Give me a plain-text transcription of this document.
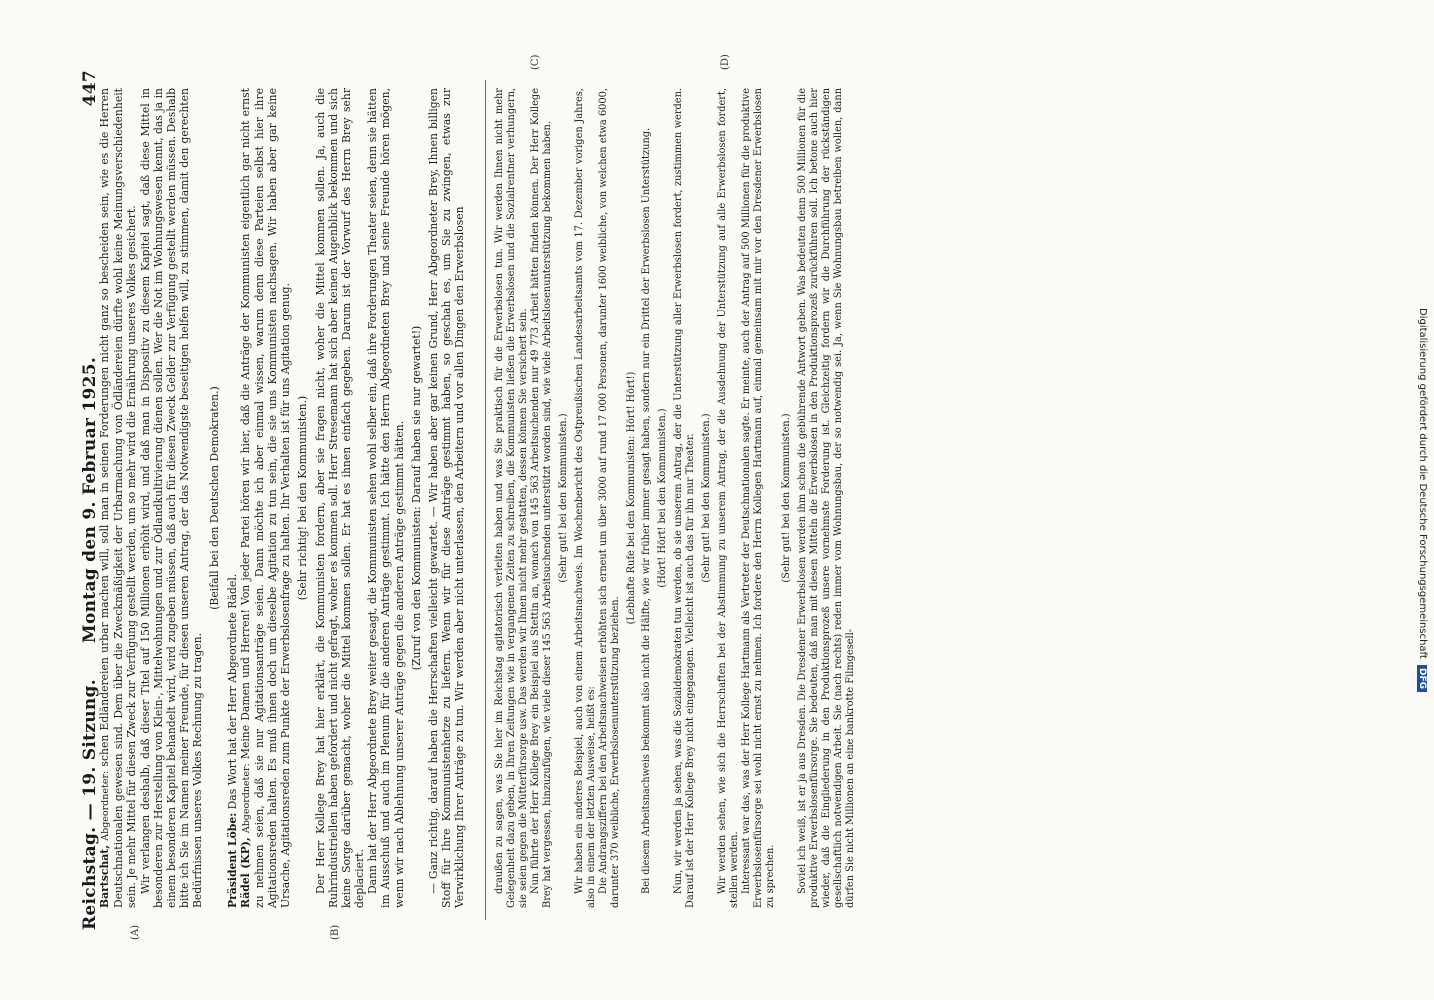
Reichstag. — 19. Sitzung.
Montag den 9. Februar 1925.
447
(A)	(B)
(C)	(D)

Bartschat, Abgeordneter: schen Edländereien urbar machen will, soll man in seinen Forderungen nicht ganz so bescheiden sein, wie es die Herren Deutschnationalen gewesen sind. Dem über die Zweckmäßigkeit der Urbarmachung von Ödländereien dürfte wohl keine Meinungsverschiedenheit sein. Je mehr Mittel für diesen Zweck zur Verfügung gestellt werden, um so mehr wird die Ernährung unseres Volkes gesichert. Wir verlangen deshalb, daß dieser Titel auf 150 Millionen erhöht wird, und daß man in Dispositiv zu diesem Kapitel sagt, daß diese Mittel in besonderen zur Herstellung von Klein-, Mittelwohnungen und zur Ödlandkultivierung dienen sollen. Wer die Not im Wohnungswesen kennt, das ja in einem besonderen Kapitel behandelt wird, wird zugeben müssen, daß auch für diesen Zweck Gelder zur Verfügung gestellt werden müssen. Deshalb bitte ich Sie im Namen meiner Freunde, für diesen unseren Antrag, der das Notwendigste beseitigen helfen will, zu stimmen, damit den gerechten Bedürfnissen unseres Volkes Rechnung zu tragen.

(Beifall bei den Deutschen Demokraten.)

Präsident Löbe: Das Wort hat der Herr Abgeordnete Rädel.

Rädel (KP), Abgeordneter: Meine Damen und Herren! Von jeder Partei hören wir hier, daß die Anträge der Kommunisten eigentlich gar nicht ernst zu nehmen seien, daß sie nur Agitationsanträge seien. Dann möchte ich aber einmal wissen, warum denn diese Parteien selbst hier ihre Agitationsreden halten. Es muß ihnen doch um dieselbe Agitation zu tun sein, die sie uns Kommunisten nachsagen. Wir haben aber gar keine Ursache, Agitationsreden zum Punkte der Erwerbslosenfrage zu halten. Ihr Verhalten ist für uns Agitation genug. (Sehr richtig! bei den Kommunisten.) Der Herr Kollege Brey hat hier erklärt, die Kommunisten fordern, aber sie fragen nicht, woher die Mittel kommen sollen. Ja, auch die Ruhrindustriellen haben gefordert und nicht gefragt, woher es kommen soll. Herr Stresemann hat sich aber keinen Augenblick bekommen und sich keine Sorge darüber gemacht, woher die Mittel kommen sollen. Er hat es ihnen einfach gegeben. Darum ist der Vorwurf des Herrn Brey sehr deplaciert. Dann hat der Herr Abgeordnete Brey weiter gesagt, die Kommunisten sehen wohl selber ein, daß ihre Forderungen Theater seien, denn sie hätten im Ausschuß und auch im Plenum für die anderen Anträge gestimmt. Ich hätte den Herrn Abgeordneten Brey und seine Freunde hören mögen, wenn wir nach Ablehnung unserer Anträge gegen die anderen Anträge gestimmt hätten. (Zuruf von den Kommunisten: Darauf haben sie nur gewartet!) — Ganz richtig, darauf haben die Herrschaften vielleicht gewartet. — Wir haben aber gar keinen Grund, Herr Abgeordneter Brey, Ihnen billigen Stoff für Ihre Kommunistenhetze zu liefern. Wenn wir für diese Anträge gestimmt haben, so geschah es, um Sie zu zwingen, etwas zur Verwirklichung Ihrer Anträge zu tun. Wir werden aber nicht unterlassen, den Arbeitern und vor allen Dingen den Erwerbslosen	draußen zu sagen, was Sie hier im Reichstag agitatorisch verleiten haben und was Sie praktisch für die Erwerbslosen tun. Wir werden Ihnen nicht mehr Gelegenheit dazu geben, in Ihren Zeitungen wie in vergangenen Zeiten zu schreiben, die Kommunisten ließen die Erwerbslosen und die Sozialrentner verhungern, sie seien gegen die Mütterfürsorge usw. Das werden wir Ihnen nicht mehr gestatten, dessen können Sie versichert sein. Nun führte der Herr Kollege Brey ein Beispiel aus Stettin an, wonach von 145 563 Arbeitsuchenden nur 49 773 Arbeit hätten finden können. Der Herr Kollege Brey hat vergessen, hinzuzufügen, wie viele dieser 145 563 Arbeitsuchenden unterstützt worden sind, wie viele Arbeitslosenunterstützung bekommen haben. (Sehr gut! bei den Kommunisten.) Wir haben ein anderes Beispiel, auch von einem Arbeitsnachweis. Im Wochenbericht des Ostpreußischen Landesarbeitsamts vom 17. Dezember vorigen Jahres, also in einem der letzten Ausweise, heißt es: Die Andrangsziffern bei den Arbeitsnachweisen erhöhten sich erneut um über 3000 auf rund 17 000 Personen, darunter 1600 weibliche, von welchen etwa 6000, darunter 370 weibliche, Erwerbslosenunterstützung beziehen.

(Lebhafte Rufe bei den Kommunisten: Hört! Hört!) Bei diesem Arbeitsnachweis bekommt also nicht die Hälfte, wie wir früher immer gesagt haben, sondern nur ein Drittel der Erwerbslosen Unterstützung. (Hört! Hört! bei den Kommunisten.) Nun, wir werden ja sehen, was die Sozialdemokraten tun werden, ob sie unserem Antrag, der die Unterstützung aller Erwerbslosen fordert, zustimmen werden. Darauf ist der Herr Kollege Brey nicht eingegangen. Vielleicht ist auch das für ihn nur Theater. (Sehr gut! bei den Kommunisten.) Wir werden sehen, wie sich die Herrschaften bei der Abstimmung zu unserem Antrag, der die Ausdehnung der Unterstützung auf alle Erwerbslosen fordert, stellen werden. Interessant war das, was der Herr Kollege Hartmann als Vertreter der Deutschnationalen sagte. Er meinte, auch der Antrag auf 500 Millionen für die produktive Erwerbslosenfürsorge sei wohl nicht ernst zu nehmen. Ich fordere den Herrn Kollegen Hartmann auf, einmal gemeinsam mit mir vor den Dresdener Erwerbslosen zu sprechen.

(Sehr gut! bei den Kommunisten.) Soviel ich weiß, ist er ja aus Dresden. Die Dresdener Erwerbslosen werden ihm schon die gebührende Antwort geben. Was bedeuten denn 500 Millionen für die produktive Erwerbslosenfürsorge. Sie bedeuten, daß man mit diesen Mitteln die Erwerbslosen in den Produktionsprozeß zurückführen soll. Ich betone auch hier wieder, daß die Eingliederung in den Produktionsprozeß unsere vornehmste Forderung ist. Gleichzeitig fordern wir die Durchführung der rückständigen gesellschaftlich notwendigen Arbeit. Sie (nach rechts) reden immer vom Wohnungsbau, der so notwendig sei. Ja, wenn Sie Wohnungsbau betreiben wollen, dann dürfen Sie nicht Millionen an eine bankrotte Filmgesell-

Digitalisierung gefördert durch die Deutsche Forschungsgemeinschaft DFG
